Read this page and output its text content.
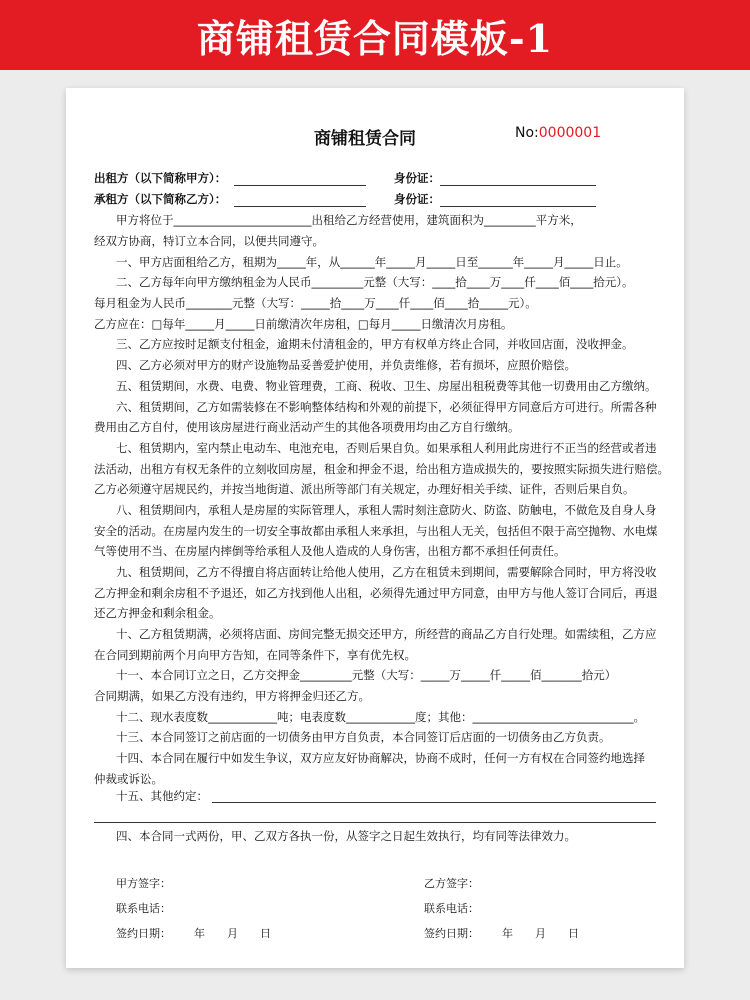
商铺租赁合同模板-1
商铺租赁合同	No:0000001
出租方（以下简称甲方）：	身份证：
承租方（以下简称乙方）：	身份证：
甲方将位于________________________出租给乙方经营使用，建筑面积为_________平方米，
经双方协商，特订立本合同，以便共同遵守。
一、甲方店面租给乙方，租期为_____年，从______年_____月_____日至______年_____月_____日止。
二、乙方每年向甲方缴纳租金为人民币_________元整（大写：____拾____万____仟____佰____拾元）。
每月租金为人民币________元整（大写：_____拾____万____仟____佰____拾_____元）。
乙方应在：□每年_____月_____日前缴清次年房租，□每月_____日缴清次月房租。
三、乙方应按时足额支付租金，逾期未付清租金的，甲方有权单方终止合同，并收回店面，没收押金。
四、乙方必须对甲方的财产设施物品妥善爱护使用，并负责维修，若有损坏，应照价赔偿。
五、租赁期间，水费、电费、物业管理费，工商、税收、卫生、房屋出租税费等其他一切费用由乙方缴纳。
六、租赁期间，乙方如需装修在不影响整体结构和外观的前提下，必须征得甲方同意后方可进行。所需各种
费用由乙方自付，使用该房屋进行商业活动产生的其他各项费用均由乙方自行缴纳。
七、租赁期内，室内禁止电动车、电池充电，否则后果自负。如果承租人利用此房进行不正当的经营或者违
法活动，出租方有权无条件的立刻收回房屋，租金和押金不退，给出租方造成损失的，要按照实际损失进行赔偿。
乙方必须遵守居规民约，并按当地街道、派出所等部门有关规定，办理好相关手续、证件，否则后果自负。
八、租赁期间内，承租人是房屋的实际管理人，承租人需时刻注意防火、防盗、防触电，不做危及自身人身
安全的活动。在房屋内发生的一切安全事故都由承租人来承担，与出租人无关，包括但不限于高空抛物、水电煤
气等使用不当、在房屋内摔倒等给承租人及他人造成的人身伤害，出租方都不承担任何责任。
九、租赁期间，乙方不得擅自将店面转让给他人使用，乙方在租赁未到期间，需要解除合同时，甲方将没收
乙方押金和剩余房租不予退还，如乙方找到他人出租，必须得先通过甲方同意，由甲方与他人签订合同后，再退
还乙方押金和剩余租金。
十、乙方租赁期满，必须将店面、房间完整无损交还甲方，所经营的商品乙方自行处理。如需续租，乙方应
在合同到期前两个月向甲方告知，在同等条件下，享有优先权。
十一、本合同订立之日，乙方交押金_________元整（大写：_____万_____仟_____佰_______拾元）
合同期满，如果乙方没有违约，甲方将押金归还乙方。
十二、现水表度数____________吨；电表度数____________度；其他：____________________________。
十三、本合同签订之前店面的一切债务由甲方自负责，本合同签订后店面的一切债务由乙方负责。
十四、本合同在履行中如发生争议，双方应友好协商解决，协商不成时，任何一方有权在合同签约地选择
仲裁或诉讼。
十五、其他约定：
四、本合同一式两份，甲、乙双方各执一份，从签字之日起生效执行，均有同等法律效力。
甲方签字：	乙方签字：
联系电话：	联系电话：
签约日期： 年 月 日	签约日期： 年 月 日
